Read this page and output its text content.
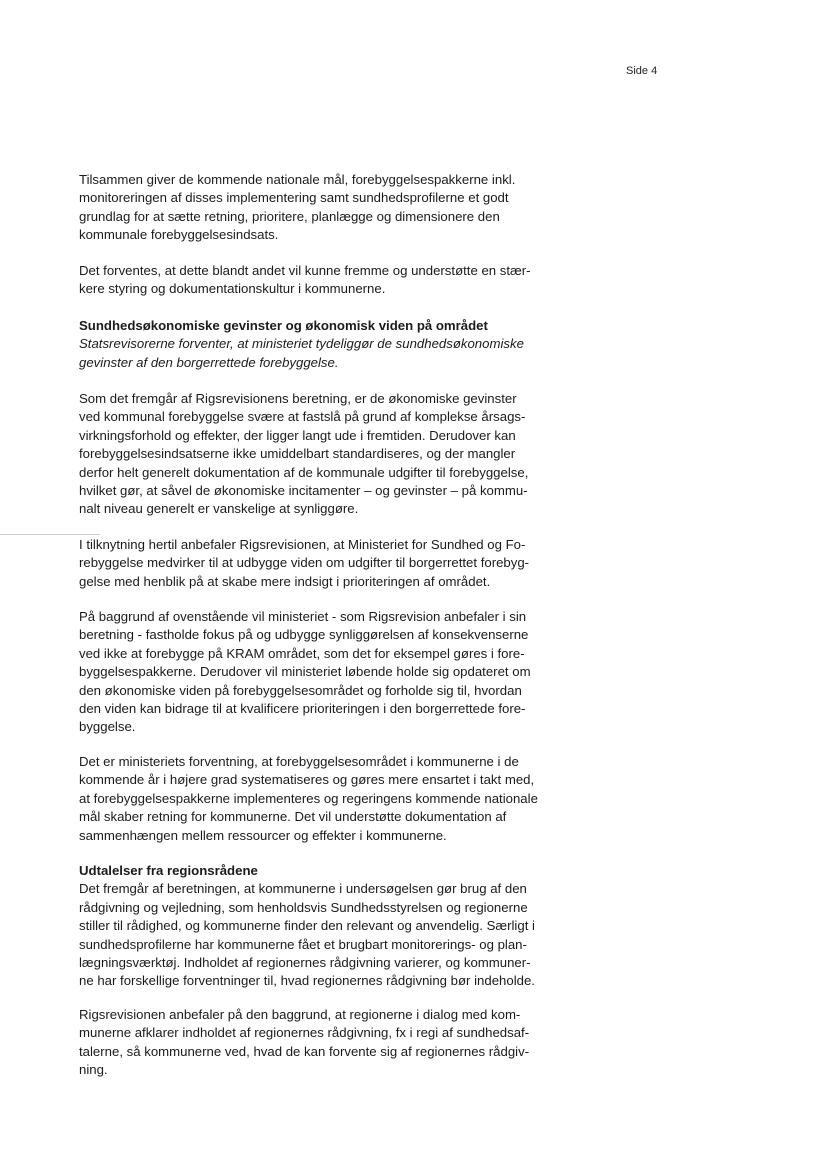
Side 4
Tilsammen giver de kommende nationale mål, forebyggelsespakkerne inkl.
monitoreringen af disses implementering samt sundhedsprofilerne et godt
grundlag for at sætte retning, prioritere, planlægge og dimensionere den
kommunale forebyggelsesindsats.
Det forventes, at dette blandt andet vil kunne fremme og understøtte en stær-
kere styring og dokumentationskultur i kommunerne.
Sundhedsøkonomiske gevinster og økonomisk viden på området
Statsrevisorerne forventer, at ministeriet tydeliggør de sundhedsøkonomiske
gevinster af den borgerrettede forebyggelse.
Som det fremgår af Rigsrevisionens beretning, er de økonomiske gevinster
ved kommunal forebyggelse svære at fastslå på grund af komplekse årsags-
virkningsforhold og effekter, der ligger langt ude i fremtiden. Derudover kan
forebyggelsesindsatserne ikke umiddelbart standardiseres, og der mangler
derfor helt generelt dokumentation af de kommunale udgifter til forebyggelse,
hvilket gør, at såvel de økonomiske incitamenter – og gevinster – på kommu-
nalt niveau generelt er vanskelige at synliggøre.
I tilknytning hertil anbefaler Rigsrevisionen, at Ministeriet for Sundhed og Fo-
rebyggelse medvirker til at udbygge viden om udgifter til borgerrettet forebyg-
gelse med henblik på at skabe mere indsigt i prioriteringen af området.
På baggrund af ovenstående vil ministeriet - som Rigsrevision anbefaler i sin
beretning - fastholde fokus på og udbygge synliggørelsen af konsekvenserne
ved ikke at forebygge på KRAM området, som det for eksempel gøres i fore-
byggelsespakkerne. Derudover vil ministeriet løbende holde sig opdateret om
den økonomiske viden på forebyggelsesområdet og forholde sig til, hvordan
den viden kan bidrage til at kvalificere prioriteringen i den borgerrettede fore-
byggelse.
Det er ministeriets forventning, at forebyggelsesområdet i kommunerne i de
kommende år i højere grad systematiseres og gøres mere ensartet i takt med,
at forebyggelsespakkerne implementeres og regeringens kommende nationale
mål skaber retning for kommunerne. Det vil understøtte dokumentation af
sammenhængen mellem ressourcer og effekter i kommunerne.
Udtalelser fra regionsrådene
Det fremgår af beretningen, at kommunerne i undersøgelsen gør brug af den
rådgivning og vejledning, som henholdsvis Sundhedsstyrelsen og regionerne
stiller til rådighed, og kommunerne finder den relevant og anvendelig. Særligt i
sundhedsprofilerne har kommunerne fået et brugbart monitorerings- og plan-
lægningsværktøj. Indholdet af regionernes rådgivning varierer, og kommuner-
ne har forskellige forventninger til, hvad regionernes rådgivning bør indeholde.
Rigsrevisionen anbefaler på den baggrund, at regionerne i dialog med kom-
munerne afklarer indholdet af regionernes rådgivning, fx i regi af sundhedsaf-
talerne, så kommunerne ved, hvad de kan forvente sig af regionernes rådgiv-
ning.
